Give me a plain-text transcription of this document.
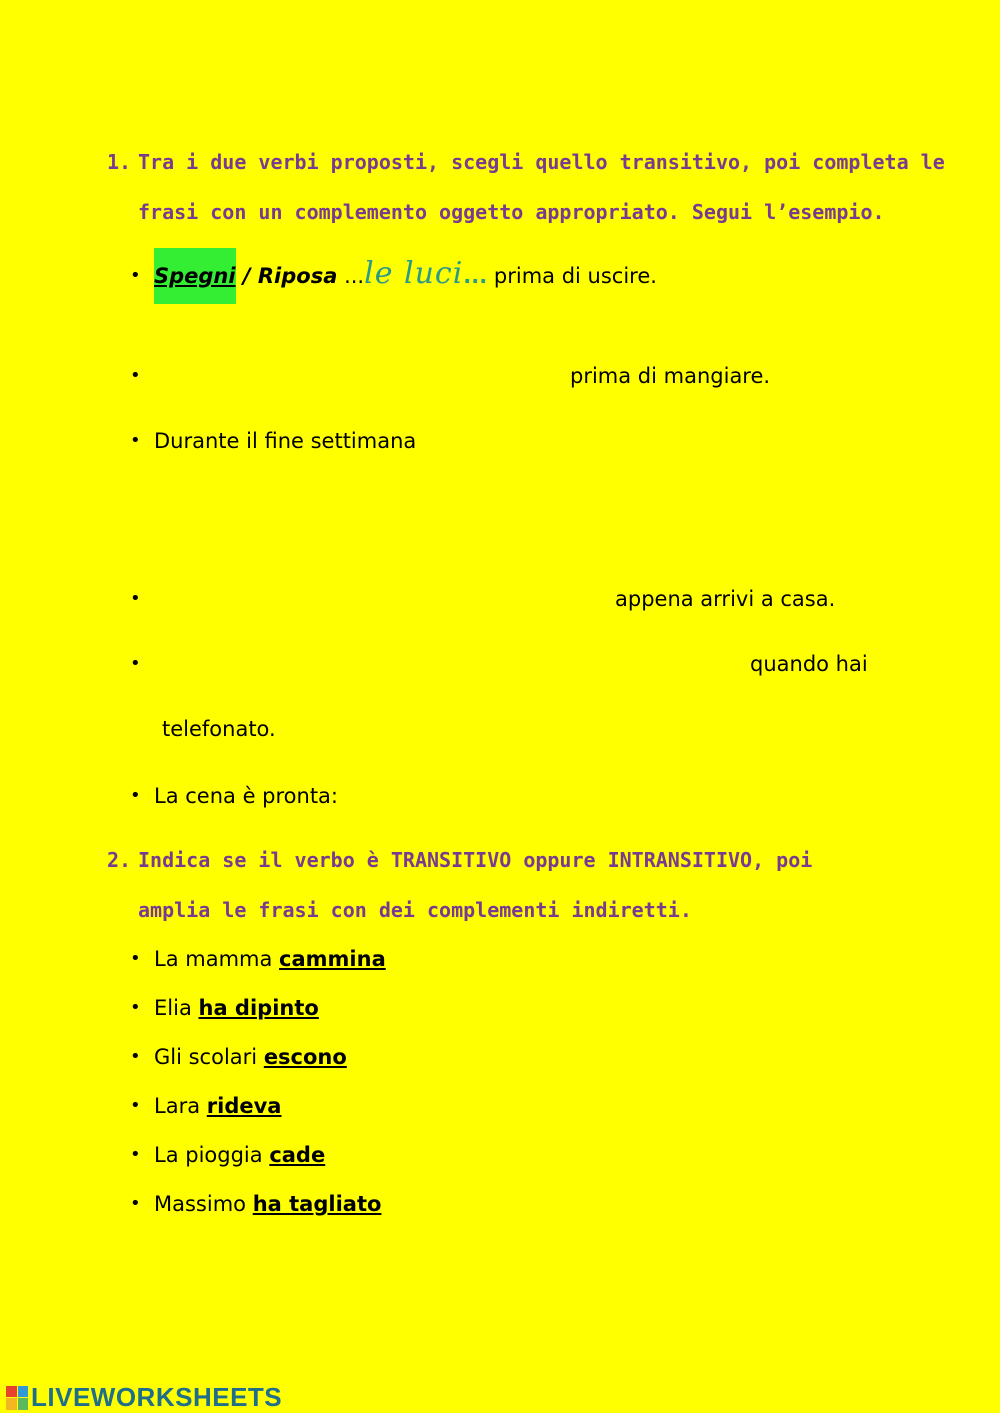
1. Tra i due verbi proposti, scegli quello transitivo, poi completa le
frasi con un complemento oggetto appropriato. Segui l’esempio.
• Spegni / Riposa ...le luci... prima di uscire.
•	prima di mangiare.
• Durante il fine settimana
•	appena arrivi a casa.
•	quando hai
telefonato.
• La cena è pronta:
2. Indica se il verbo è TRANSITIVO oppure INTRANSITIVO, poi
amplia le frasi con dei complementi indiretti.
• La mamma cammina
• Elia ha dipinto
• Gli scolari escono
• Lara rideva
• La pioggia cade
• Massimo ha tagliato
LIVEWORKSHEETS
